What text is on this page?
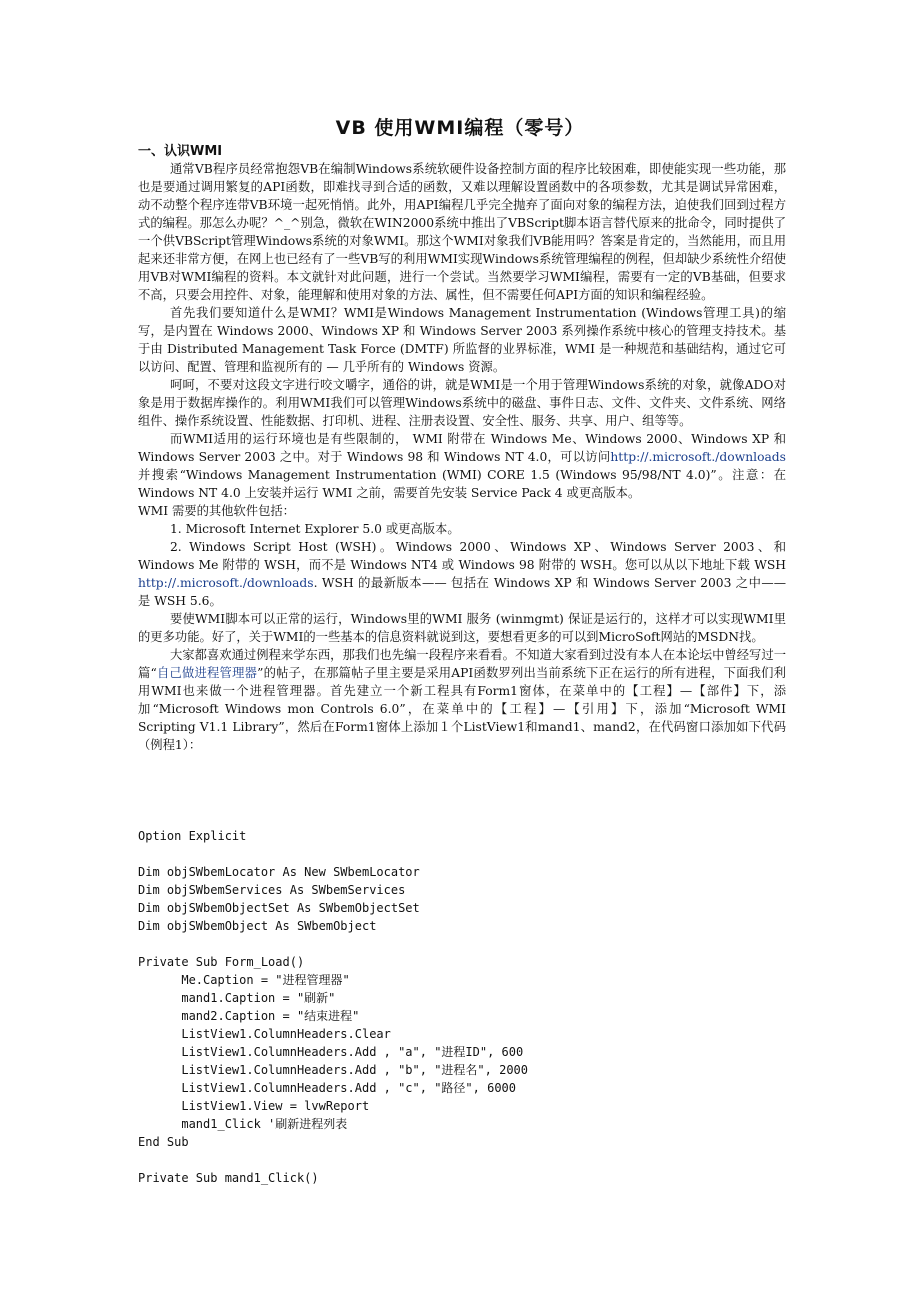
VB 使用WMI编程（零号）
一、认识WMI

通常VB程序员经常抱怨VB在编制Windows系统软硬件设备控制方面的程序比较困难，即使能实现一些功能，那也是要通过调用繁复的API函数，即难找寻到合适的函数，又难以理解设置函数中的各项参数，尤其是调试异常困难，动不动整个程序连带VB环境一起死悄悄。此外，用API编程几乎完全抛弃了面向对象的编程方法，迫使我们回到过程方式的编程。那怎么办呢？^_^别急，微软在WIN2000系统中推出了VBScript脚本语言替代原来的批命令，同时提供了一个供VBScript管理Windows系统的对象WMI。那这个WMI对象我们VB能用吗？答案是肯定的，当然能用，而且用起来还非常方便，在网上也已经有了一些VB写的利用WMI实现Windows系统管理编程的例程，但却缺少系统性介绍使用VB对WMI编程的资料。本文就针对此问题，进行一个尝试。当然要学习WMI编程，需要有一定的VB基础，但要求不高，只要会用控件、对象，能理解和使用对象的方法、属性，但不需要任何API方面的知识和编程经验。

首先我们要知道什么是WMI？WMI是Windows Management Instrumentation (Windows管理工具)的缩写，是内置在 Windows 2000、Windows XP 和 Windows Server 2003 系列操作系统中核心的管理支持技术。基于由 Distributed Management Task Force (DMTF) 所监督的业界标准，WMI 是一种规范和基础结构，通过它可以访问、配置、管理和监视所有的 — 几乎所有的 Windows 资源。

呵呵，不要对这段文字进行咬文嚼字，通俗的讲，就是WMI是一个用于管理Windows系统的对象，就像ADO对象是用于数据库操作的。利用WMI我们可以管理Windows系统中的磁盘、事件日志、文件、文件夹、文件系统、网络组件、操作系统设置、性能数据、打印机、进程、注册表设置、安全性、服务、共享、用户、组等等。

而WMI适用的运行环境也是有些限制的， WMI 附带在 Windows Me、Windows 2000、Windows XP 和 Windows Server 2003 之中。对于 Windows 98 和 Windows NT 4.0，可以访问http://.microsoft./downloads并搜索“Windows Management Instrumentation (WMI) CORE 1.5 (Windows 95/98/NT 4.0)”。注意：在 Windows NT 4.0 上安装并运行 WMI 之前，需要首先安装 Service Pack 4 或更高版本。

WMI 需要的其他软件包括：

1. Microsoft Internet Explorer 5.0 或更高版本。

2. Windows Script Host (WSH)。Windows 2000、Windows XP、Windows Server 2003、和 Windows Me 附带的 WSH，而不是 Windows NT4 或 Windows 98 附带的 WSH。您可以从以下地址下载 WSH http://.microsoft./downloads. WSH 的最新版本—— 包括在 Windows XP 和 Windows Server 2003 之中——是 WSH 5.6。

要使WMI脚本可以正常的运行，Windows里的WMI 服务 (winmgmt) 保证是运行的，这样才可以实现WMI里的更多功能。好了，关于WMI的一些基本的信息资料就说到这，要想看更多的可以到MicroSoft网站的MSDN找。

大家都喜欢通过例程来学东西，那我们也先编一段程序来看看。不知道大家看到过没有本人在本论坛中曾经写过一篇“自己做进程管理器”的帖子，在那篇帖子里主要是采用API函数罗列出当前系统下正在运行的所有进程，下面我们利用WMI也来做一个进程管理器。首先建立一个新工程具有Form1窗体，在菜单中的【工程】—【部件】下，添加“Microsoft Windows mon Controls 6.0”，在菜单中的【工程】—【引用】下，添加“Microsoft WMI Scripting V1.1 Library”，然后在Form1窗体上添加１个ListView1和mand1、mand2，在代码窗口添加如下代码（例程1）：

Option Explicit
Dim objSWbemLocator As New SWbemLocator
Dim objSWbemServices As SWbemServices
Dim objSWbemObjectSet As SWbemObjectSet
Dim objSWbemObject As SWbemObject
Private Sub Form_Load()
Me.Caption = "进程管理器"
mand1.Caption = "刷新"
mand2.Caption = "结束进程"
ListView1.ColumnHeaders.Clear
ListView1.ColumnHeaders.Add , "a", "进程ID", 600
ListView1.ColumnHeaders.Add , "b", "进程名", 2000
ListView1.ColumnHeaders.Add , "c", "路径", 6000
ListView1.View = lvwReport
mand1_Click '刷新进程列表
End Sub
Private Sub mand1_Click()
